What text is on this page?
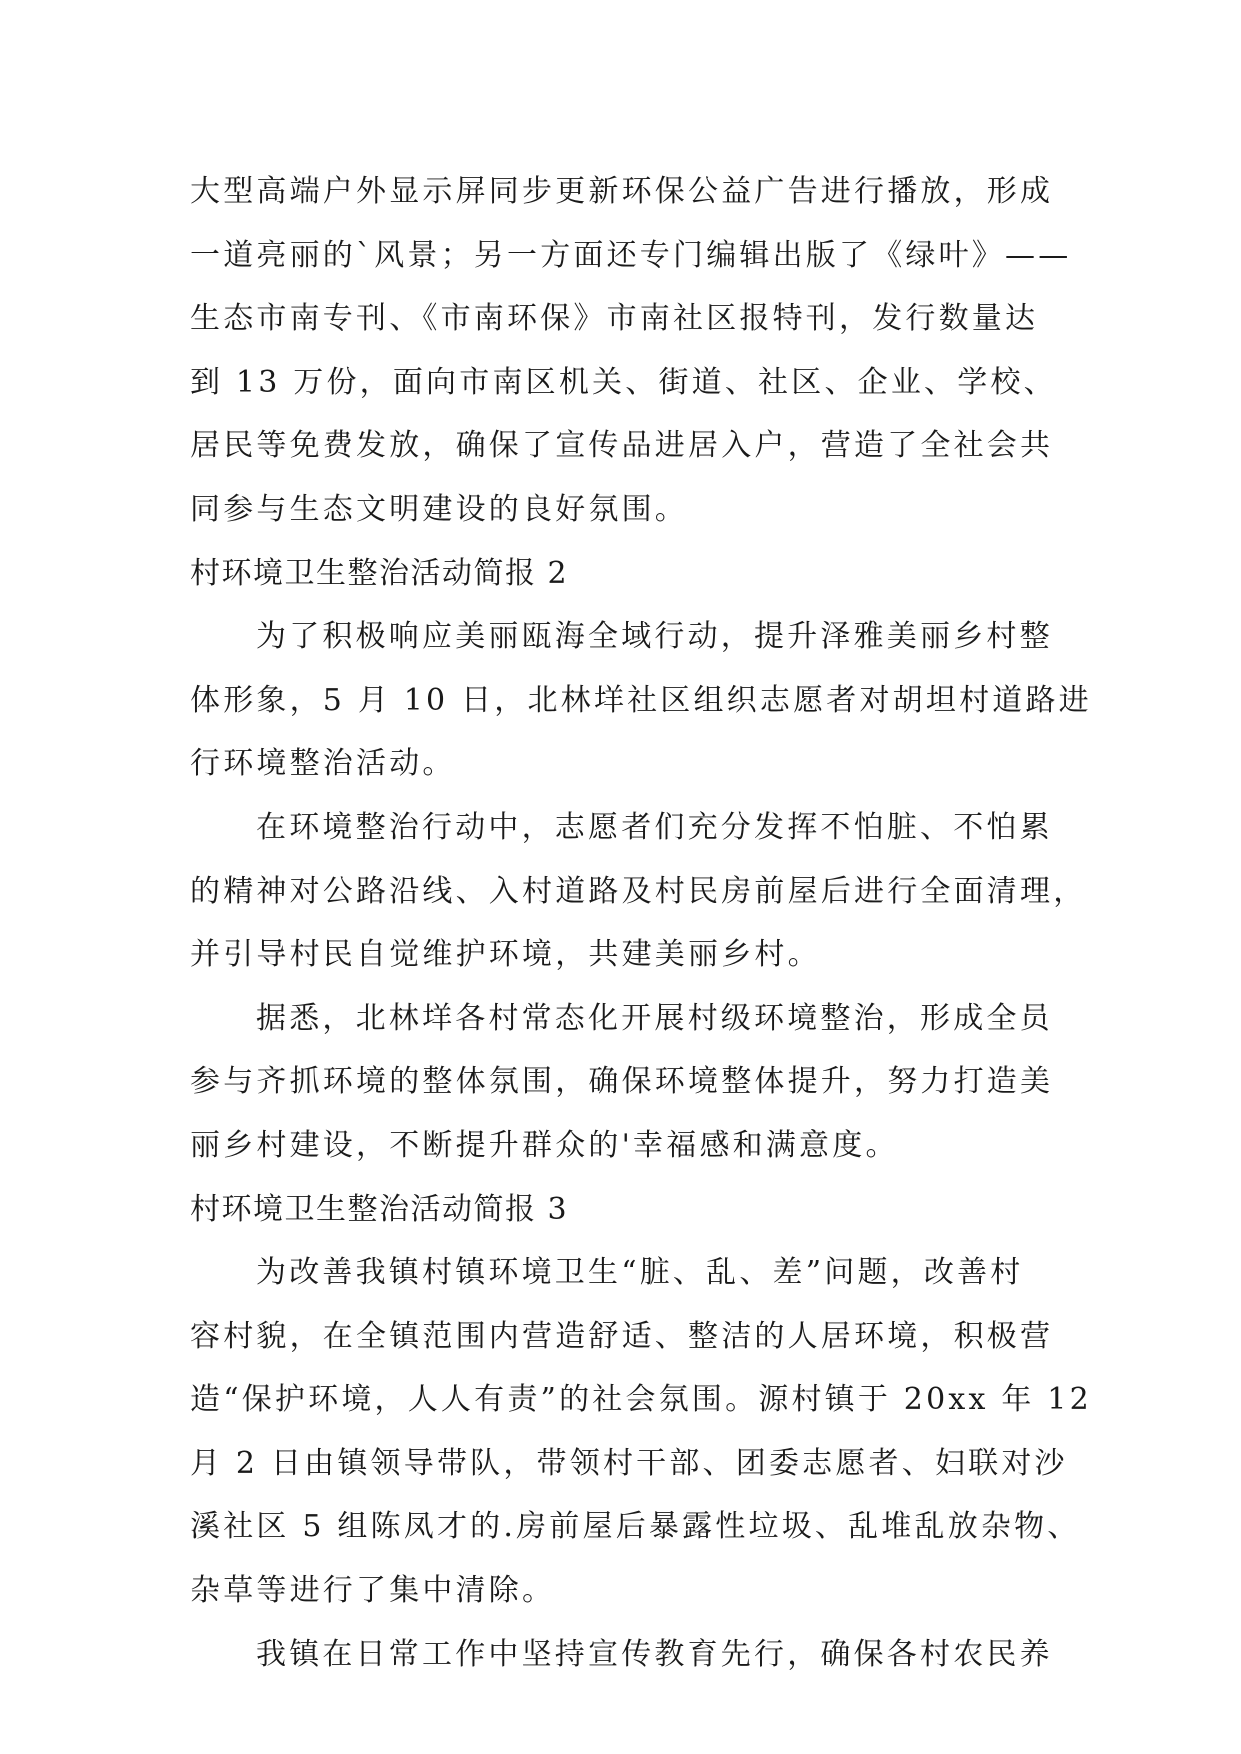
大型高端户外显示屏同步更新环保公益广告进行播放，形成
一道亮丽的`风景；另一方面还专门编辑出版了《绿叶》——
生态市南专刊、《市南环保》市南社区报特刊，发行数量达
到 13 万份，面向市南区机关、街道、社区、企业、学校、
居民等免费发放，确保了宣传品进居入户，营造了全社会共
同参与生态文明建设的良好氛围。
村环境卫生整治活动简报 2
为了积极响应美丽瓯海全域行动，提升泽雅美丽乡村整
体形象，5 月 10 日，北林垟社区组织志愿者对胡坦村道路进
行环境整治活动。
在环境整治行动中，志愿者们充分发挥不怕脏、不怕累
的精神对公路沿线、入村道路及村民房前屋后进行全面清理，
并引导村民自觉维护环境，共建美丽乡村。
据悉，北林垟各村常态化开展村级环境整治，形成全员
参与齐抓环境的整体氛围，确保环境整体提升，努力打造美
丽乡村建设，不断提升群众的'幸福感和满意度。
村环境卫生整治活动简报 3
为改善我镇村镇环境卫生“脏、乱、差”问题，改善村
容村貌，在全镇范围内营造舒适、整洁的人居环境，积极营
造“保护环境，人人有责”的社会氛围。源村镇于 20xx 年 12
月 2 日由镇领导带队，带领村干部、团委志愿者、妇联对沙
溪社区 5 组陈凤才的.房前屋后暴露性垃圾、乱堆乱放杂物、
杂草等进行了集中清除。
我镇在日常工作中坚持宣传教育先行，确保各村农民养
